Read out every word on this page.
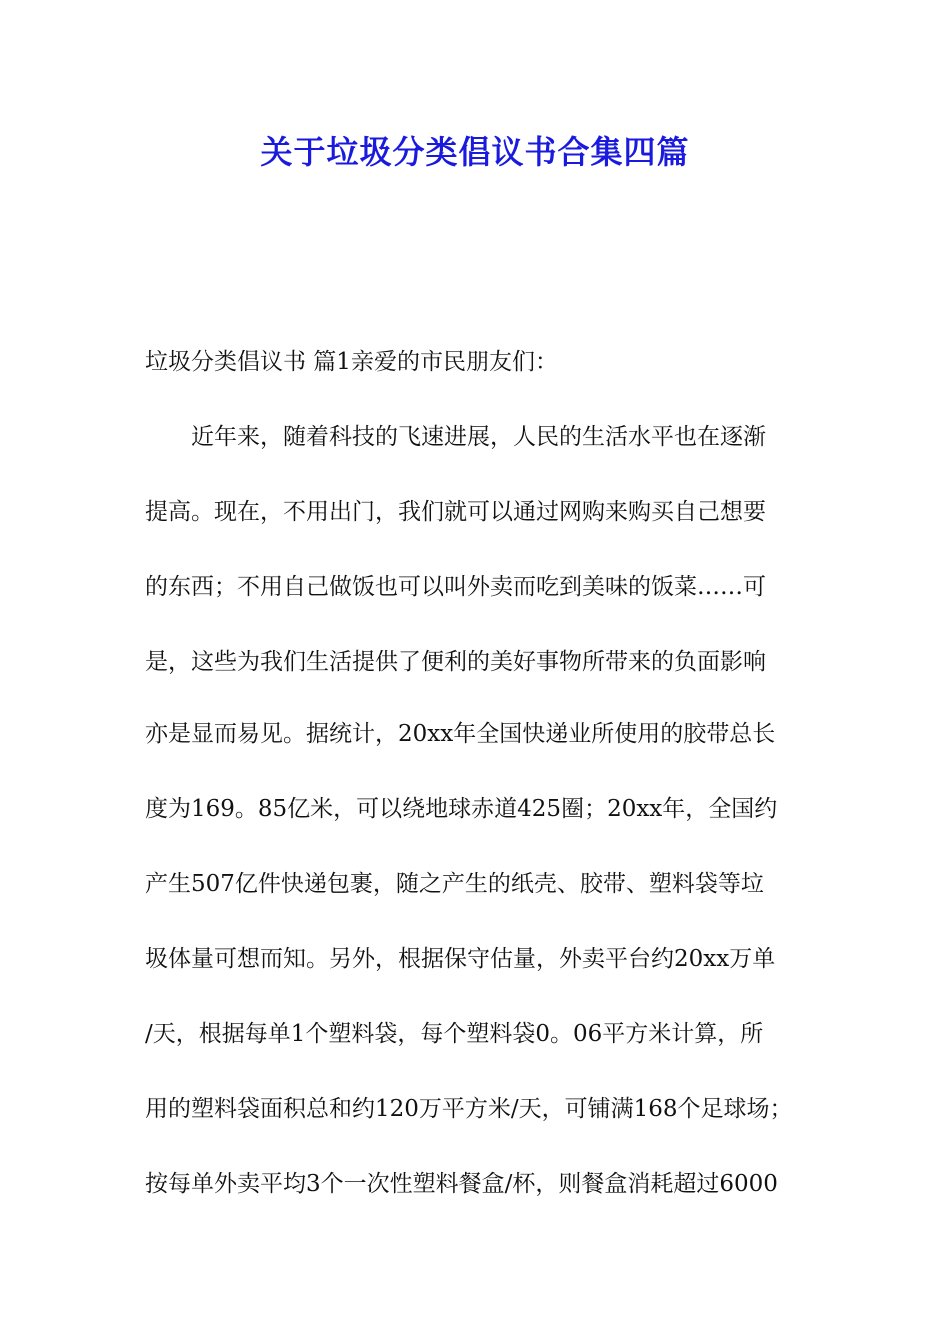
关于垃圾分类倡议书合集四篇
垃圾分类倡议书 篇1亲爱的市民朋友们：
近年来，随着科技的飞速进展，人民的生活水平也在逐渐
提高。现在，不用出门，我们就可以通过网购来购买自己想要
的东西；不用自己做饭也可以叫外卖而吃到美味的饭菜……可
是，这些为我们生活提供了便利的美好事物所带来的负面影响
亦是显而易见。据统计，20xx年全国快递业所使用的胶带总长
度为169。85亿米，可以绕地球赤道425圈；20xx年，全国约
产生507亿件快递包裹，随之产生的纸壳、胶带、塑料袋等垃
圾体量可想而知。另外，根据保守估量，外卖平台约20xx万单
/天，根据每单1个塑料袋，每个塑料袋0。06平方米计算，所
用的塑料袋面积总和约120万平方米/天，可铺满168个足球场；
按每单外卖平均3个一次性塑料餐盒/杯，则餐盒消耗超过6000
